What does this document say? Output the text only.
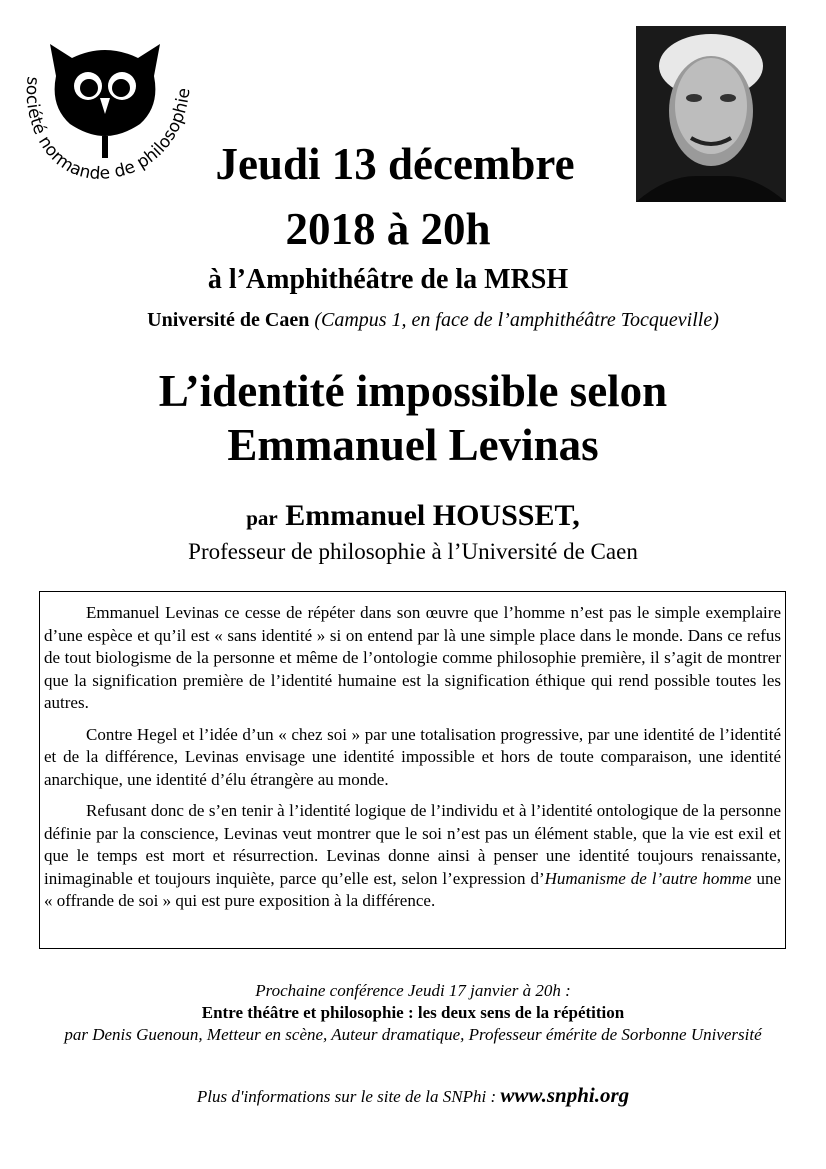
société normande de philosophie
Jeudi 13 décembre
2018 à 20h
à l’Amphithéâtre de la MRSH
Université de Caen (Campus 1, en face de l’amphithéâtre Tocqueville)
L’identité impossible selon
Emmanuel Levinas
par Emmanuel HOUSSET,
Professeur de philosophie à l’Université de Caen

Emmanuel Levinas ce cesse de répéter dans son œuvre que l’homme n’est pas le simple exemplaire d’une espèce et qu’il est « sans identité » si on entend par là une simple place dans le monde. Dans ce refus de tout biologisme de la personne et même de l’ontologie comme philosophie première, il s’agit de montrer que la signification première de l’identité humaine est la signification éthique qui rend possible toutes les autres.

Contre Hegel et l’idée d’un « chez soi » par une totalisation progressive, par une identité de l’identité et de la différence, Levinas envisage une identité impossible et hors de toute comparaison, une identité anarchique, une identité d’élu étrangère au monde.

Refusant donc de s’en tenir à l’identité logique de l’individu et à l’identité ontologique de la personne définie par la conscience, Levinas veut montrer que le soi n’est pas un élément stable, que la vie est exil et que le temps est mort et résurrection. Levinas donne ainsi à penser une identité toujours renaissante, inimaginable et toujours inquiète, parce qu’elle est, selon l’expression d’Humanisme de l’autre homme une « offrande de soi » qui est pure exposition à la différence.

Prochaine conférence Jeudi 17 janvier à 20h :
Entre théâtre et philosophie : les deux sens de la répétition
par Denis Guenoun, Metteur en scène, Auteur dramatique, Professeur émérite de Sorbonne Université
Plus d'informations sur le site de la SNPhi : www.snphi.org
